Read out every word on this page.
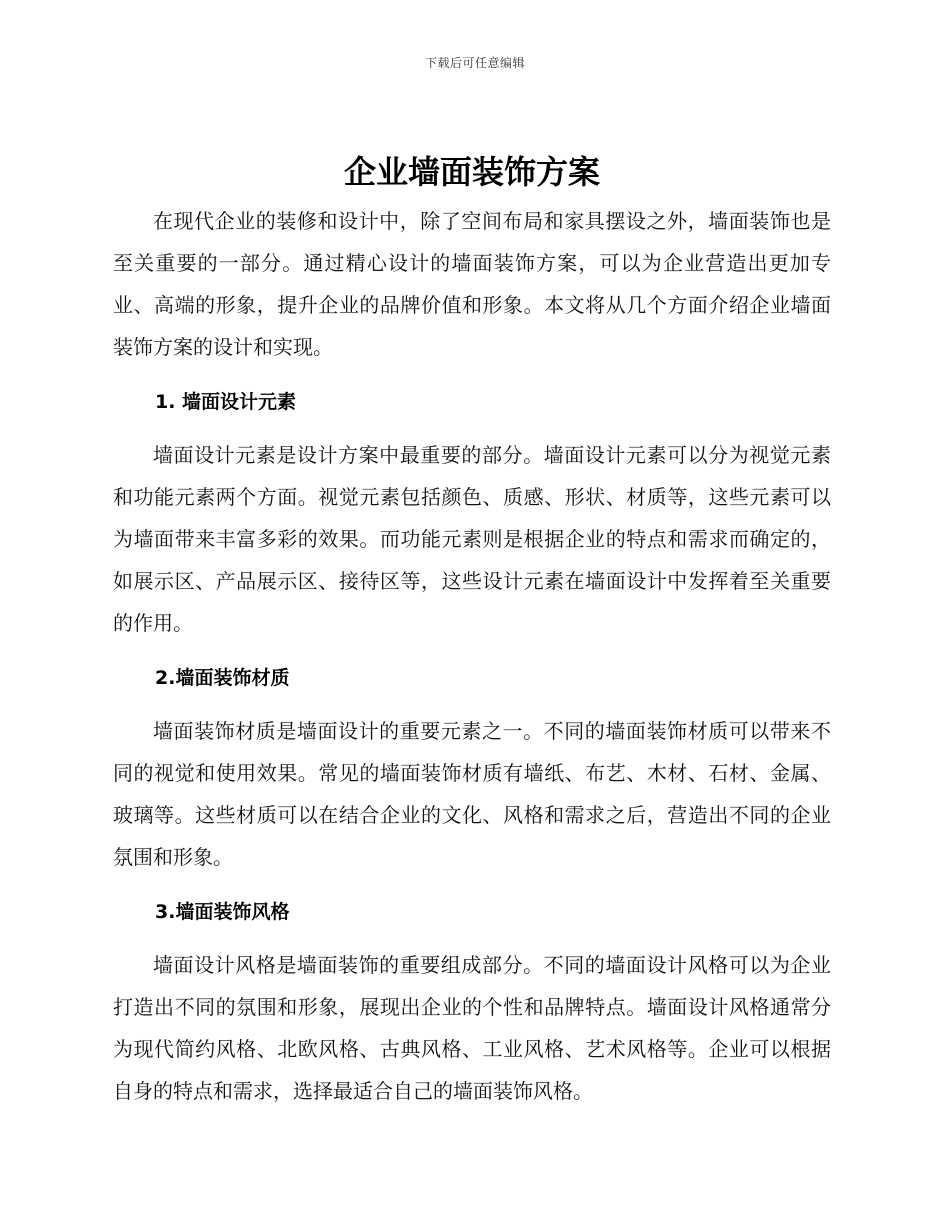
下载后可任意编辑
企业墙面装饰方案

在现代企业的装修和设计中，除了空间布局和家具摆设之外，墙面装饰也是至关重要的一部分。通过精心设计的墙面装饰方案，可以为企业营造出更加专业、高端的形象，提升企业的品牌价值和形象。本文将从几个方面介绍企业墙面装饰方案的设计和实现。

1. 墙面设计元素

墙面设计元素是设计方案中最重要的部分。墙面设计元素可以分为视觉元素和功能元素两个方面。视觉元素包括颜色、质感、形状、材质等，这些元素可以为墙面带来丰富多彩的效果。而功能元素则是根据企业的特点和需求而确定的，如展示区、产品展示区、接待区等，这些设计元素在墙面设计中发挥着至关重要的作用。

2.墙面装饰材质

墙面装饰材质是墙面设计的重要元素之一。不同的墙面装饰材质可以带来不同的视觉和使用效果。常见的墙面装饰材质有墙纸、布艺、木材、石材、金属、玻璃等。这些材质可以在结合企业的文化、风格和需求之后，营造出不同的企业氛围和形象。

3.墙面装饰风格

墙面设计风格是墙面装饰的重要组成部分。不同的墙面设计风格可以为企业打造出不同的氛围和形象，展现出企业的个性和品牌特点。墙面设计风格通常分为现代简约风格、北欧风格、古典风格、工业风格、艺术风格等。企业可以根据自身的特点和需求，选择最适合自己的墙面装饰风格。
